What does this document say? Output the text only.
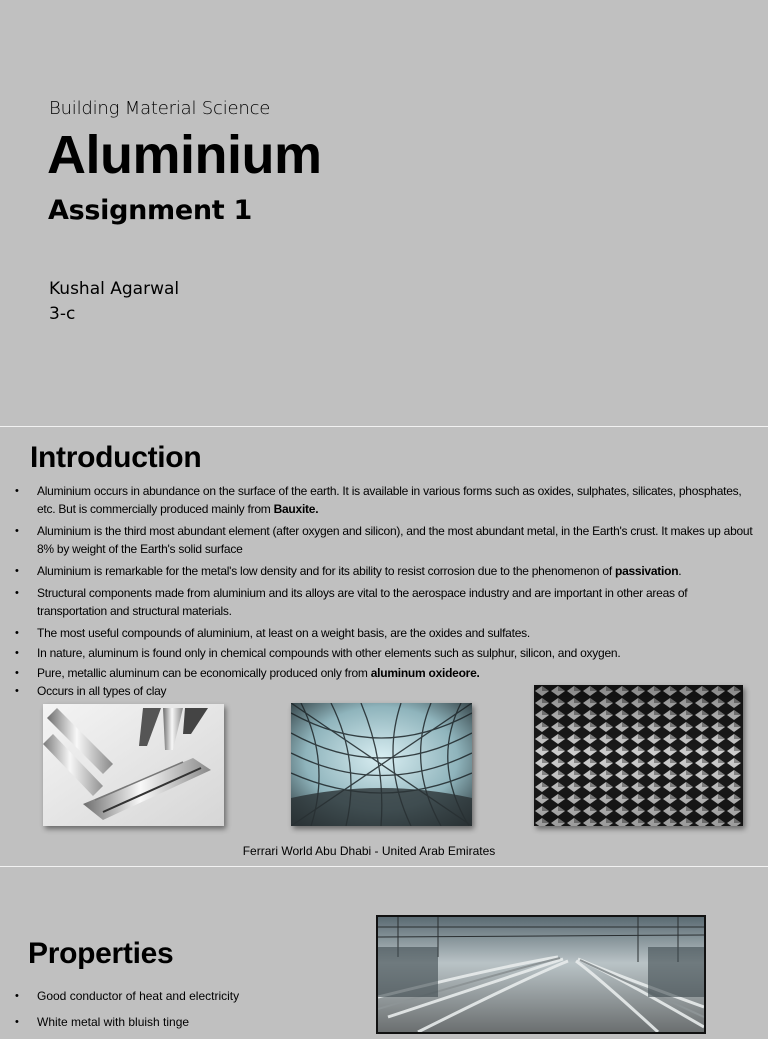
Building Material Science
Aluminium
Assignment 1
Kushal Agarwal
3-c
Introduction
• Aluminium occurs in abundance on the surface of the earth. It is available in various forms such as oxides, sulphates, silicates, phosphates, etc. But is commercially produced mainly from Bauxite.
• Aluminium is the third most abundant element (after oxygen and silicon), and the most abundant metal, in the Earth's crust. It makes up about 8% by weight of the Earth's solid surface
• Aluminium is remarkable for the metal's low density and for its ability to resist corrosion due to the phenomenon of passivation.
• Structural components made from aluminium and its alloys are vital to the aerospace industry and are important in other areas of transportation and structural materials.
• The most useful compounds of aluminium, at least on a weight basis, are the oxides and sulfates.
• In nature, aluminum is found only in chemical compounds with other elements such as sulphur, silicon, and oxygen.
• Pure, metallic aluminum can be economically produced only from aluminum oxideore.
• Occurs in all types of clay
Ferrari World Abu Dhabi - United Arab Emirates
Properties
• Good conductor of heat and electricity
• White metal with bluish tinge
